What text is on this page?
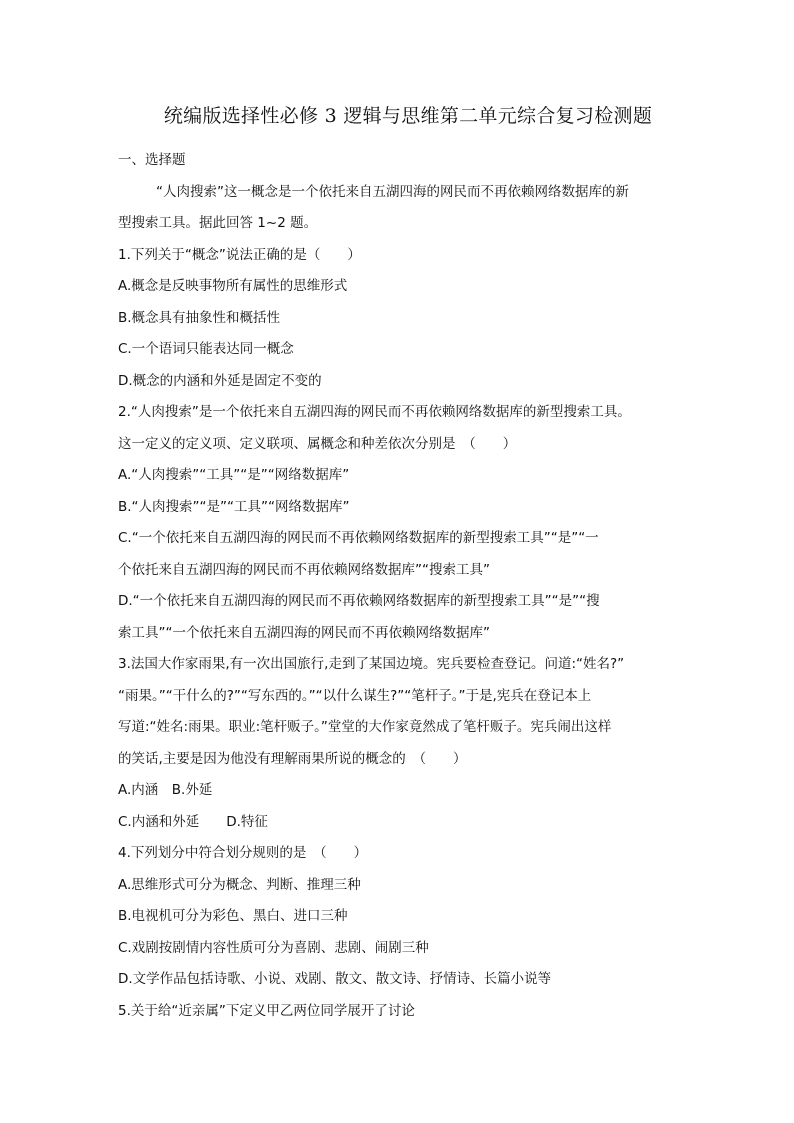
统编版选择性必修 3 逻辑与思维第二单元综合复习检测题
一、选择题
“人肉搜索”这一概念是一个依托来自五湖四海的网民而不再依赖网络数据库的新
型搜索工具。据此回答 1~2 题。
1.下列关于“概念”说法正确的是（　　）
A.概念是反映事物所有属性的思维形式
B.概念具有抽象性和概括性
C.一个语词只能表达同一概念
D.概念的内涵和外延是固定不变的
2.“人肉搜索”是一个依托来自五湖四海的网民而不再依赖网络数据库的新型搜索工具。
这一定义的定义项、定义联项、属概念和种差依次分别是　（　　）
A.“人肉搜索”“工具”“是”“网络数据库”
B.“人肉搜索”“是”“工具”“网络数据库”
C.“一个依托来自五湖四海的网民而不再依赖网络数据库的新型搜索工具”“是”“一
个依托来自五湖四海的网民而不再依赖网络数据库”“搜索工具”
D.“一个依托来自五湖四海的网民而不再依赖网络数据库的新型搜索工具”“是”“搜
索工具”“一个依托来自五湖四海的网民而不再依赖网络数据库”
3.法国大作家雨果,有一次出国旅行,走到了某国边境。宪兵要检查登记。问道:“姓名?”
“雨果。”“干什么的?”“写东西的。”“以什么谋生?”“笔杆子。”于是,宪兵在登记本上
写道:“姓名:雨果。职业:笔杆贩子。”堂堂的大作家竟然成了笔杆贩子。宪兵闹出这样
的笑话,主要是因为他没有理解雨果所说的概念的　（　　）
A.内涵　B.外延
C.内涵和外延　　D.特征
4.下列划分中符合划分规则的是　（　　）
A.思维形式可分为概念、判断、推理三种
B.电视机可分为彩色、黑白、进口三种
C.戏剧按剧情内容性质可分为喜剧、悲剧、闹剧三种
D.文学作品包括诗歌、小说、戏剧、散文、散文诗、抒情诗、长篇小说等
5.关于给“近亲属”下定义甲乙两位同学展开了讨论
